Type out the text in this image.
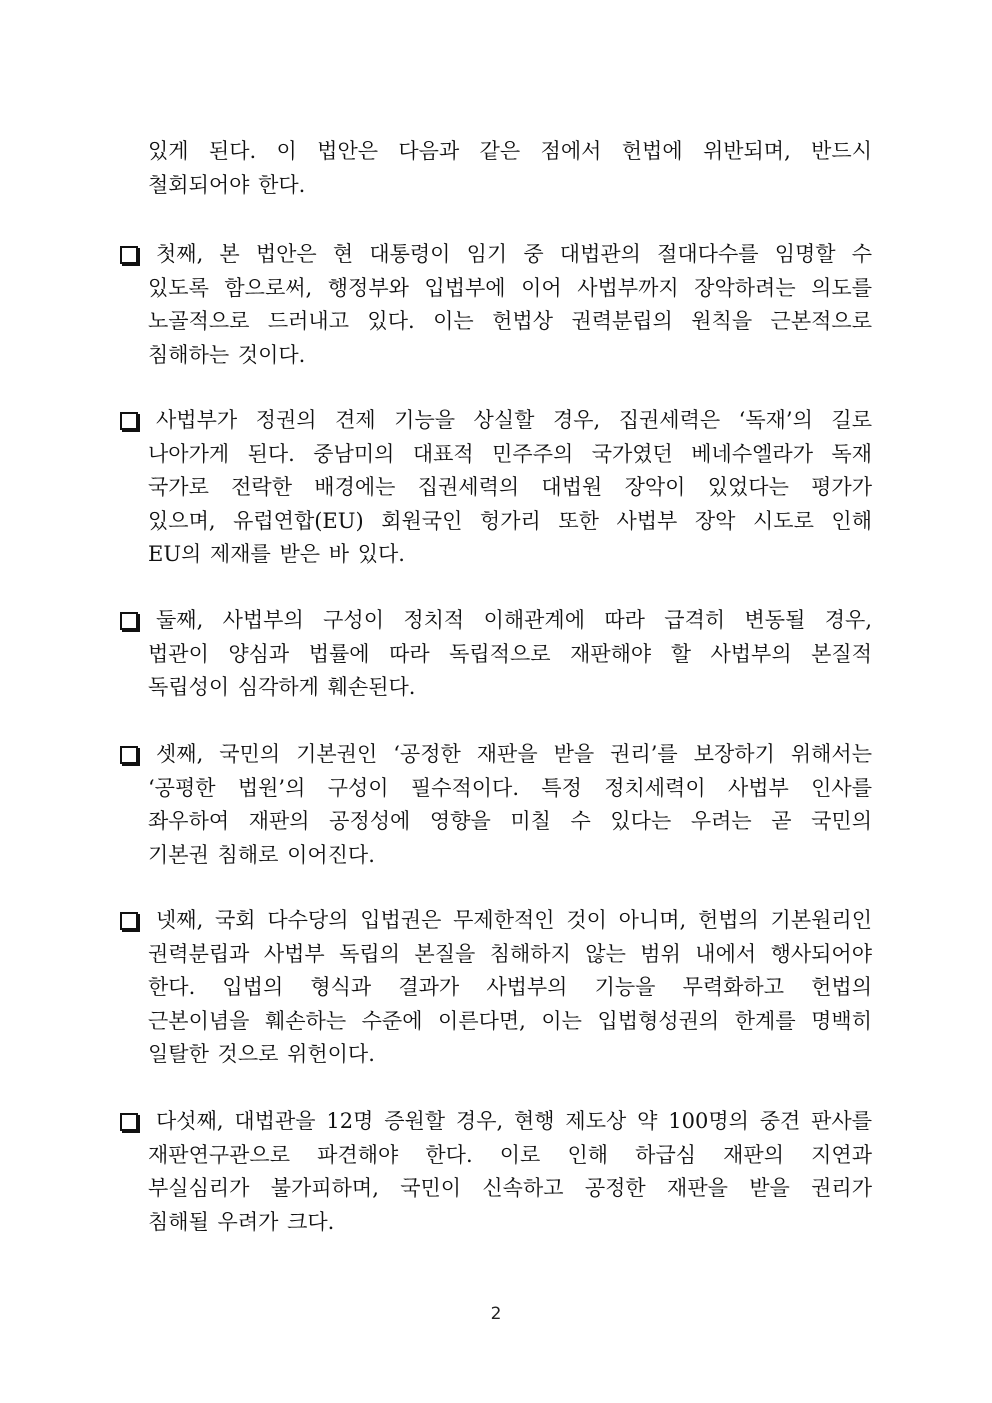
있게 된다. 이 법안은 다음과 같은 점에서 헌법에 위반되며, 반드시
철회되어야 한다.
첫째, 본 법안은 현 대통령이 임기 중 대법관의 절대다수를 임명할 수
있도록 함으로써, 행정부와 입법부에 이어 사법부까지 장악하려는 의도를
노골적으로 드러내고 있다. 이는 헌법상 권력분립의 원칙을 근본적으로
침해하는 것이다.
사법부가 정권의 견제 기능을 상실할 경우, 집권세력은 ‘독재’의 길로
나아가게 된다. 중남미의 대표적 민주주의 국가였던 베네수엘라가 독재
국가로 전락한 배경에는 집권세력의 대법원 장악이 있었다는 평가가
있으며, 유럽연합(EU) 회원국인 헝가리 또한 사법부 장악 시도로 인해
EU의 제재를 받은 바 있다.
둘째, 사법부의 구성이 정치적 이해관계에 따라 급격히 변동될 경우,
법관이 양심과 법률에 따라 독립적으로 재판해야 할 사법부의 본질적
독립성이 심각하게 훼손된다.
셋째, 국민의 기본권인 ‘공정한 재판을 받을 권리’를 보장하기 위해서는
‘공평한 법원’의 구성이 필수적이다. 특정 정치세력이 사법부 인사를
좌우하여 재판의 공정성에 영향을 미칠 수 있다는 우려는 곧 국민의
기본권 침해로 이어진다.
넷째, 국회 다수당의 입법권은 무제한적인 것이 아니며, 헌법의 기본원리인
권력분립과 사법부 독립의 본질을 침해하지 않는 범위 내에서 행사되어야
한다. 입법의 형식과 결과가 사법부의 기능을 무력화하고 헌법의
근본이념을 훼손하는 수준에 이른다면, 이는 입법형성권의 한계를 명백히
일탈한 것으로 위헌이다.
다섯째, 대법관을 12명 증원할 경우, 현행 제도상 약 100명의 중견 판사를
재판연구관으로 파견해야 한다. 이로 인해 하급심 재판의 지연과
부실심리가 불가피하며, 국민이 신속하고 공정한 재판을 받을 권리가
침해될 우려가 크다.
2
